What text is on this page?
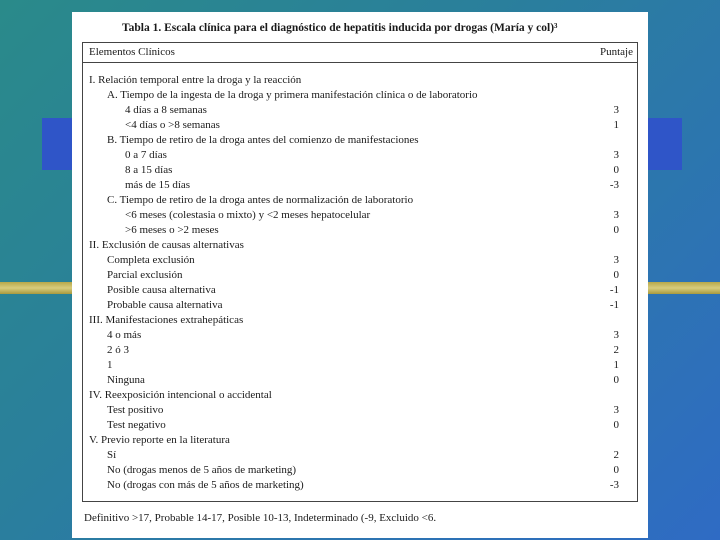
Tabla 1. Escala clínica para el diagnóstico de hepatitis inducida por drogas (María y col)³
Elementos Clínicos	Puntaje
I. Relación temporal entre la droga y la reacción
A. Tiempo de la ingesta de la droga y primera manifestación clínica o de laboratorio
4 días a 8 semanas	3
<4 días o >8 semanas	1
B. Tiempo de retiro de la droga antes del comienzo de manifestaciones
0 a 7 días	3
8 a 15 días	0
más de 15 días	-3
C. Tiempo de retiro de la droga antes de normalización de laboratorio
<6 meses (colestasia o mixto) y <2 meses hepatocelular	3
>6 meses o >2 meses	0
II. Exclusión de causas alternativas
Completa exclusión	3
Parcial exclusión	0
Posible causa alternativa	-1
Probable causa alternativa	-1
III. Manifestaciones extrahepáticas
4 o más	3
2 ó 3	2
1	1
Ninguna	0
IV. Reexposición intencional o accidental
Test positivo	3
Test negativo	0
V. Previo reporte en la literatura
Sí	2
No (drogas menos de 5 años de marketing)	0
No (drogas con más de 5 años de marketing)	-3
Definitivo >17, Probable 14-17, Posible 10-13, Indeterminado (-9, Excluido <6.
